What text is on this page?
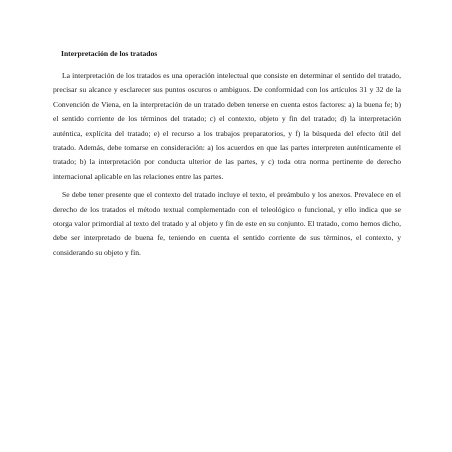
Interpretación de los tratados

La interpretación de los tratados es una operación intelectual que consiste en determinar el sentido del tratado, precisar su alcance y esclarecer sus puntos oscuros o ambiguos. De conformidad con los artículos 31 y 32 de la Convención de Viena, en la interpretación de un tratado deben tenerse en cuenta estos factores: a) la buena fe; b) el sentido corriente de los términos del tratado; c) el contexto, objeto y fin del tratado; d) la interpretación auténtica, explícita del tratado; e) el recurso a los trabajos preparatorios, y f) la búsqueda del efecto útil del tratado. Además, debe tomarse en consideración: a) los acuerdos en que las partes interpreten auténticamente el tratado; b) la interpretación por conducta ulterior de las partes, y c) toda otra norma pertinente de derecho internacional aplicable en las relaciones entre las partes.

Se debe tener presente que el contexto del tratado incluye el texto, el preámbulo y los anexos. Prevalece en el derecho de los tratados el método textual complementado con el teleológico o funcional, y ello indica que se otorga valor primordial al texto del tratado y al objeto y fin de este en su conjunto. El tratado, como hemos dicho, debe ser interpretado de buena fe, teniendo en cuenta el sentido corriente de sus términos, el contexto, y considerando su objeto y fin.
